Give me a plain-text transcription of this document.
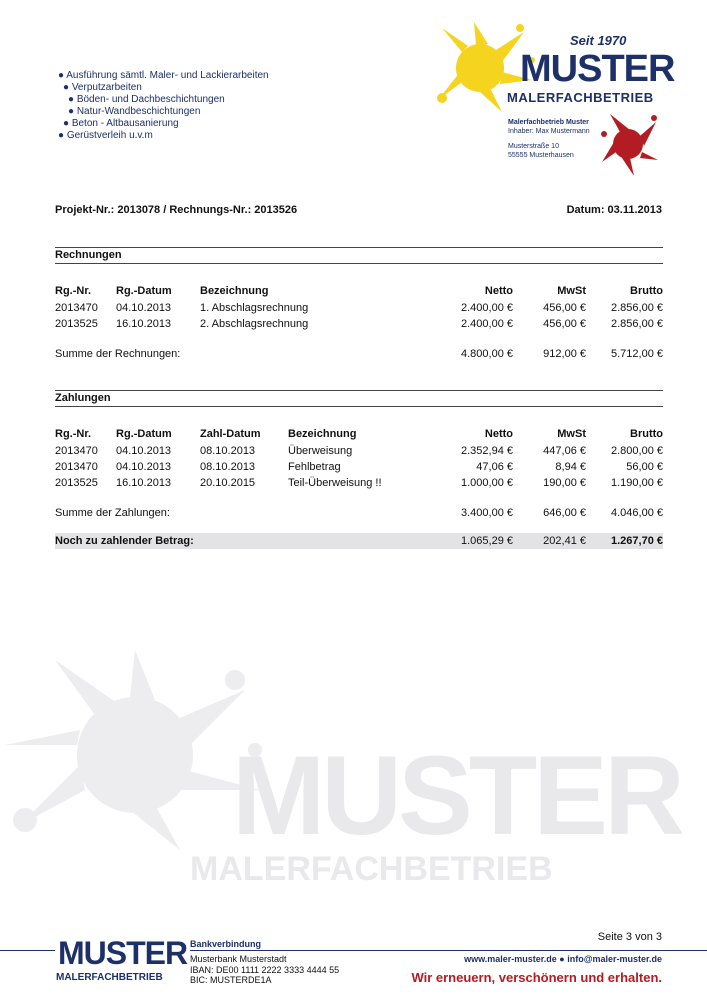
● Ausführung sämtl. Maler- und Lackierarbeiten
● Verputzarbeiten
● Böden- und Dachbeschichtungen
● Natur-Wandbeschichtungen
● Beton - Altbausanierung
● Gerüstverleih u.v.m
Seit 1970
MUSTER
MALERFACHBETRIEB
Malerfachbetrieb Muster
Inhaber: Max Mustermann
Musterstraße 10
55555 Musterhausen
Projekt-Nr.: 2013078 / Rechnungs-Nr.: 2013526	Datum: 03.11.2013
Rechnungen
Rg.-Nr.	Rg.-Datum	Bezeichnung	Netto	MwSt	Brutto
2013470	04.10.2013	1. Abschlagsrechnung	2.400,00 €	456,00 €	2.856,00 €
2013525	16.10.2013	2. Abschlagsrechnung	2.400,00 €	456,00 €	2.856,00 €

Summe der Rechnungen:			4.800,00 €	912,00 €	5.712,00 €
Zahlungen
Rg.-Nr.	Rg.-Datum	Zahl-Datum	Bezeichnung	Netto	MwSt	Brutto
2013470	04.10.2013	08.10.2013	Überweisung	2.352,94 €	447,06 €	2.800,00 €
2013470	04.10.2013	08.10.2013	Fehlbetrag	47,06 €	8,94 €	56,00 €
2013525	16.10.2013	20.10.2015	Teil-Überweisung !!	1.000,00 €	190,00 €	1.190,00 €

Summe der Zahlungen:				3.400,00 €	646,00 €	4.046,00 €

Noch zu zahlender Betrag:				1.065,29 €	202,41 €	1.267,70 €
MUSTER
MALERFACHBETRIEB
Seite 3 von 3
MUSTER
MALERFACHBETRIEB
Bankverbindung
Musterbank Musterstadt
IBAN: DE00 1111 2222 3333 4444 55
BIC: MUSTERDE1A
www.maler-muster.de ● info@maler-muster.de
Wir erneuern, verschönern und erhalten.
